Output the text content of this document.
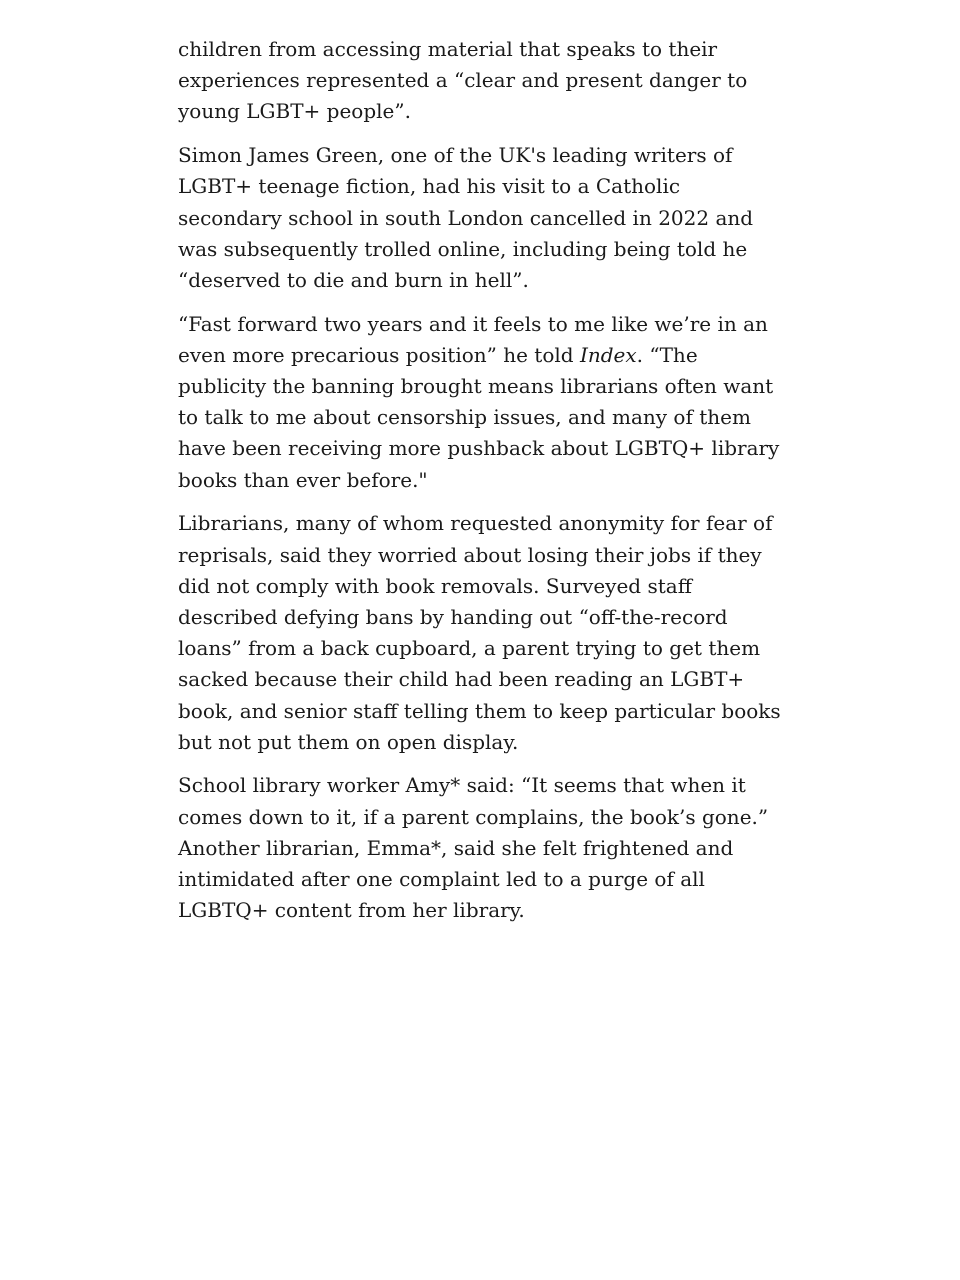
children from accessing material that speaks to their experiences represented a “clear and present danger to young LGBT+ people”.

Simon James Green, one of the UK's leading writers of LGBT+ teenage fiction, had his visit to a Catholic secondary school in south London cancelled in 2022 and was subsequently trolled online, including being told he “deserved to die and burn in hell”.

“Fast forward two years and it feels to me like we’re in an even more precarious position” he told Index. “The publicity the banning brought means librarians often want to talk to me about censorship issues, and many of them have been receiving more pushback about LGBTQ+ library books than ever before."

Librarians, many of whom requested anonymity for fear of reprisals, said they worried about losing their jobs if they did not comply with book removals. Surveyed staff described defying bans by handing out “off-the-record loans” from a back cupboard, a parent trying to get them sacked because their child had been reading an LGBT+ book, and senior staff telling them to keep particular books but not put them on open display.

School library worker Amy* said: “It seems that when it comes down to it, if a parent complains, the book’s gone.” Another librarian, Emma*, said she felt frightened and intimidated after one complaint led to a purge of all LGBTQ+ content from her library.
